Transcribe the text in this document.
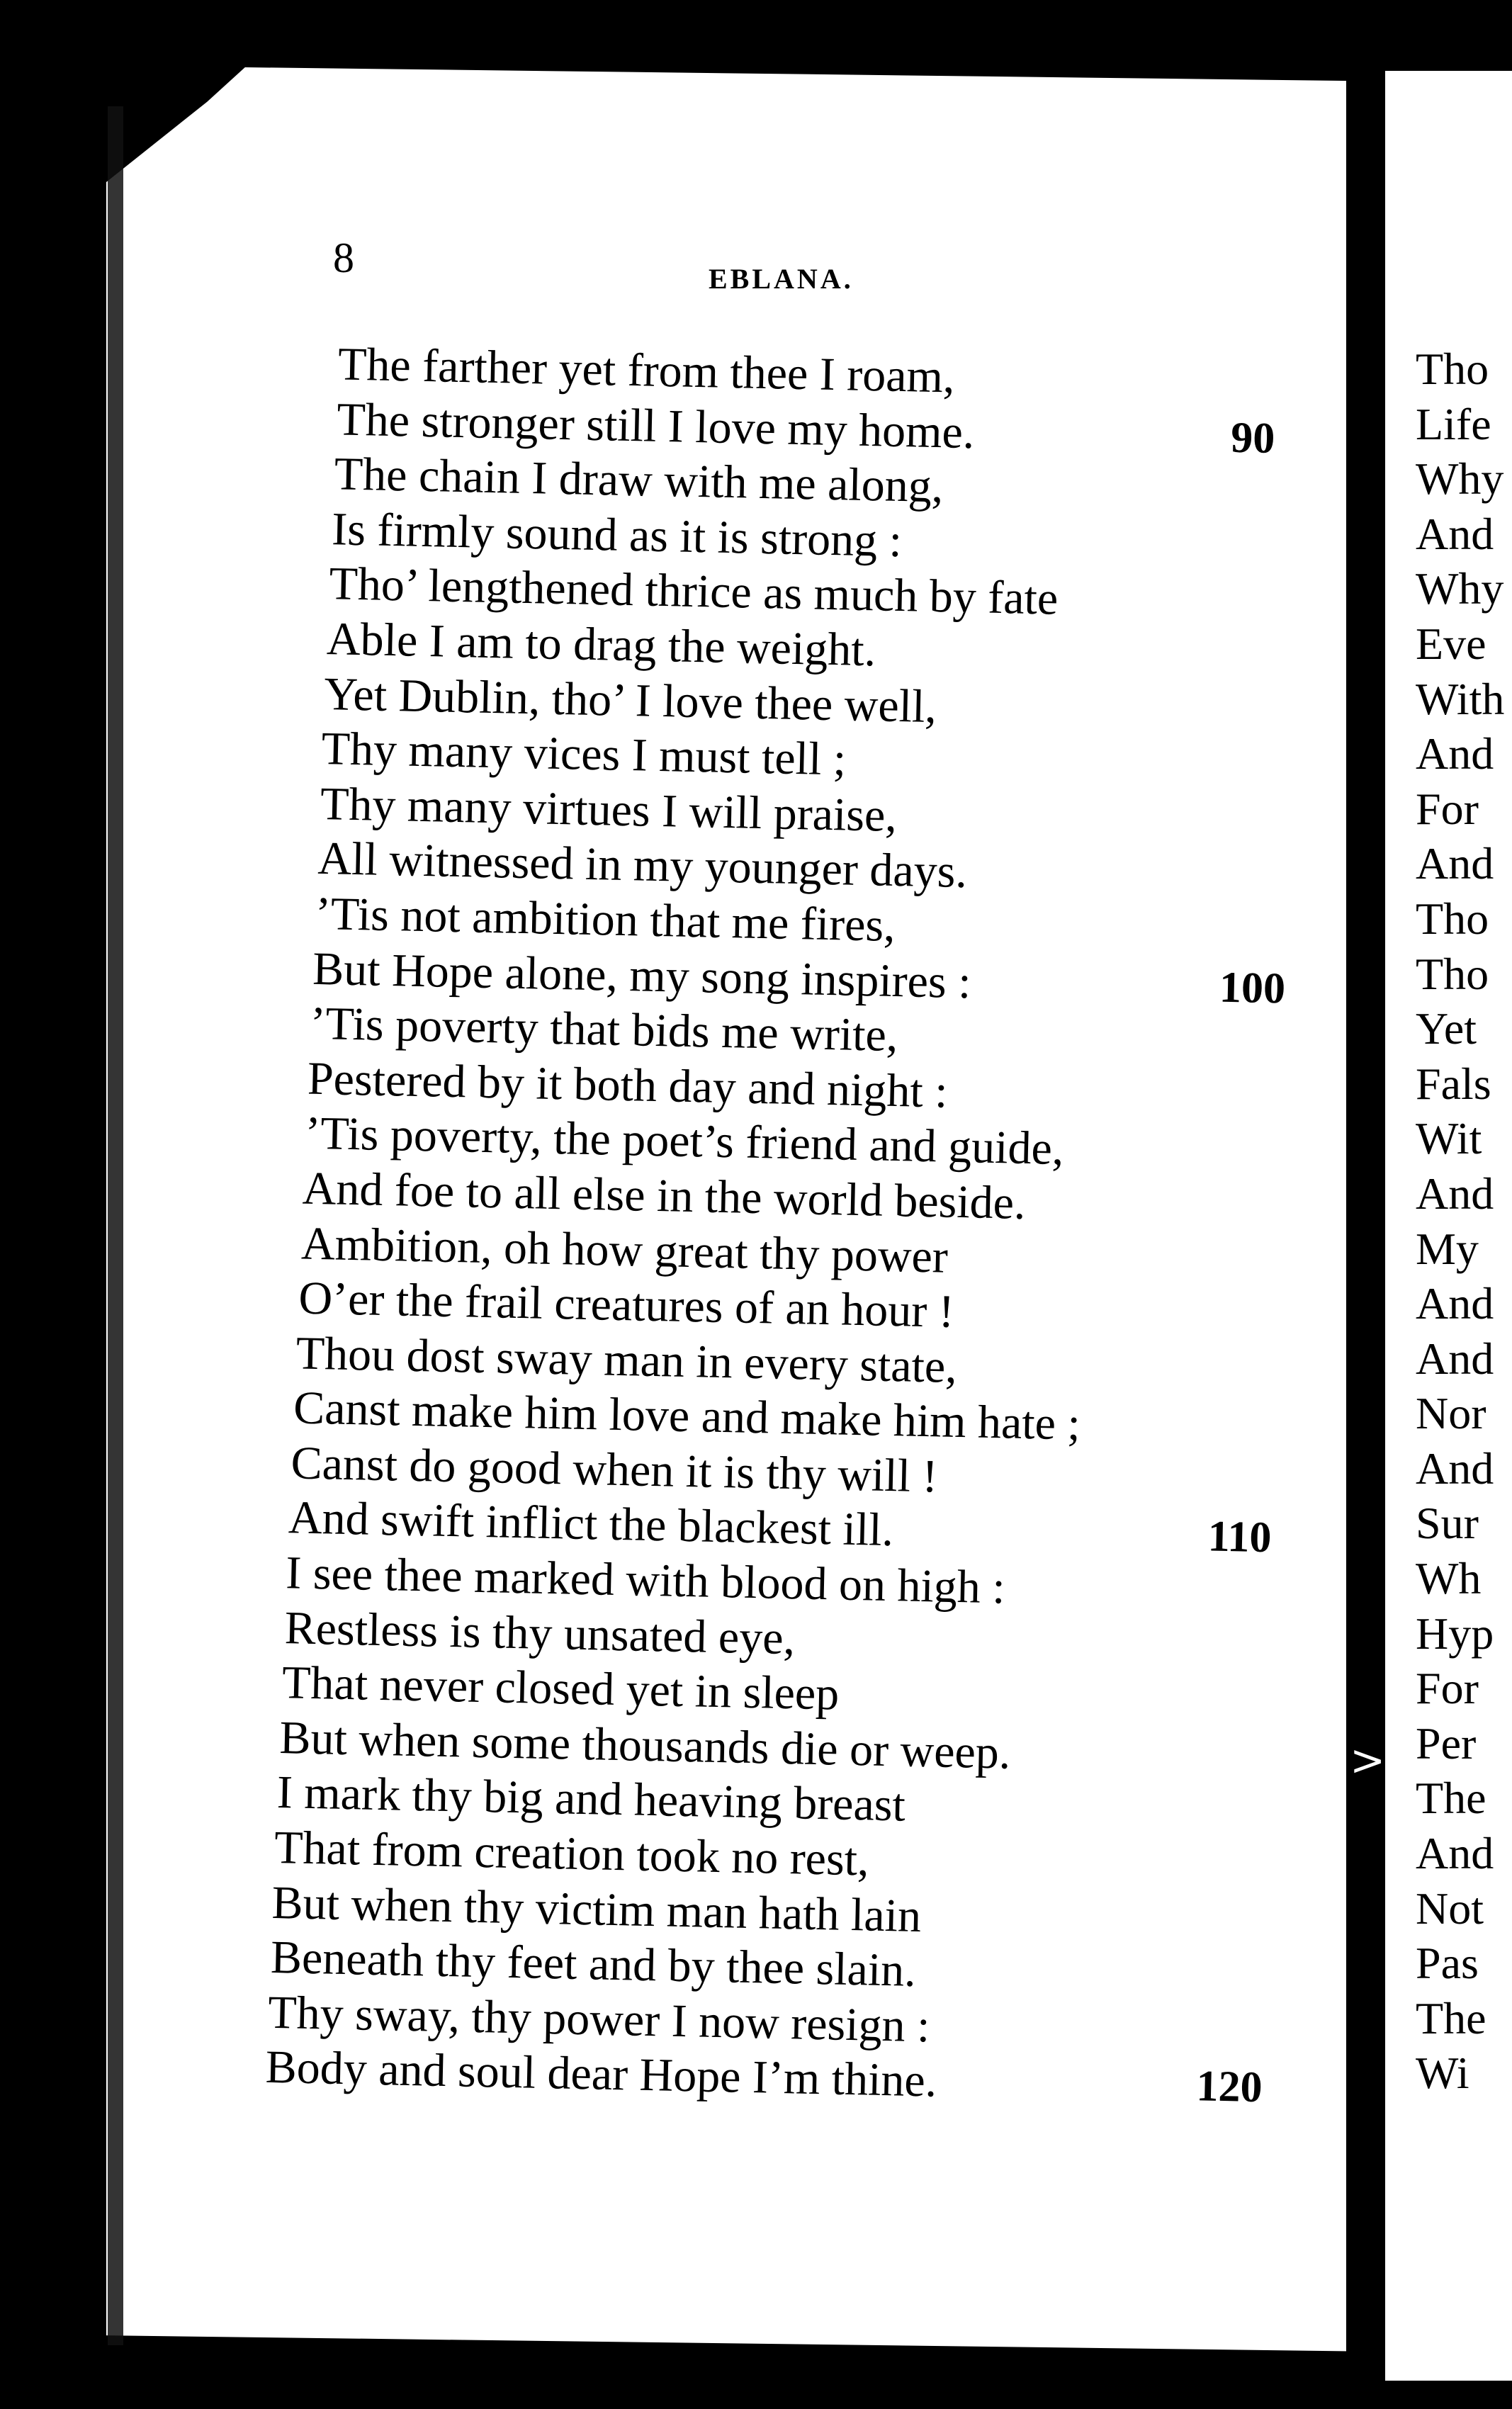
Tho
Life
Why
And
Why
Eve
With
And
For
And
Tho
Tho
Yet
Fals
Wit
And
My
And
And
Nor
And
Sur
Wh
Hyp
For
Per
The
And
Not
Pas
The
Wi
8	EBLANA.
The farther yet from thee I roam,
The stronger still I love my home.	90
The chain I draw with me along,
Is firmly sound as it is strong :
Tho’ lengthened thrice as much by fate
Able I am to drag the weight.
Yet Dublin, tho’ I love thee well,
Thy many vices I must tell ;
Thy many virtues I will praise,
All witnessed in my younger days.
’Tis not ambition that me fires,
But Hope alone, my song inspires :	100
’Tis poverty that bids me write,
Pestered by it both day and night :
’Tis poverty, the poet’s friend and guide,
And foe to all else in the world beside.
Ambition, oh how great thy power
O’er the frail creatures of an hour !
Thou dost sway man in every state,
Canst make him love and make him hate ;
Canst do good when it is thy will !
And swift inflict the blackest ill.	110
I see thee marked with blood on high :
Restless is thy unsated eye,
That never closed yet in sleep
But when some thousands die or weep.
I mark thy big and heaving breast
That from creation took no rest,
But when thy victim man hath lain
Beneath thy feet and by thee slain.
Thy sway, thy power I now resign :
Body and soul dear Hope I’m thine.	120
>
